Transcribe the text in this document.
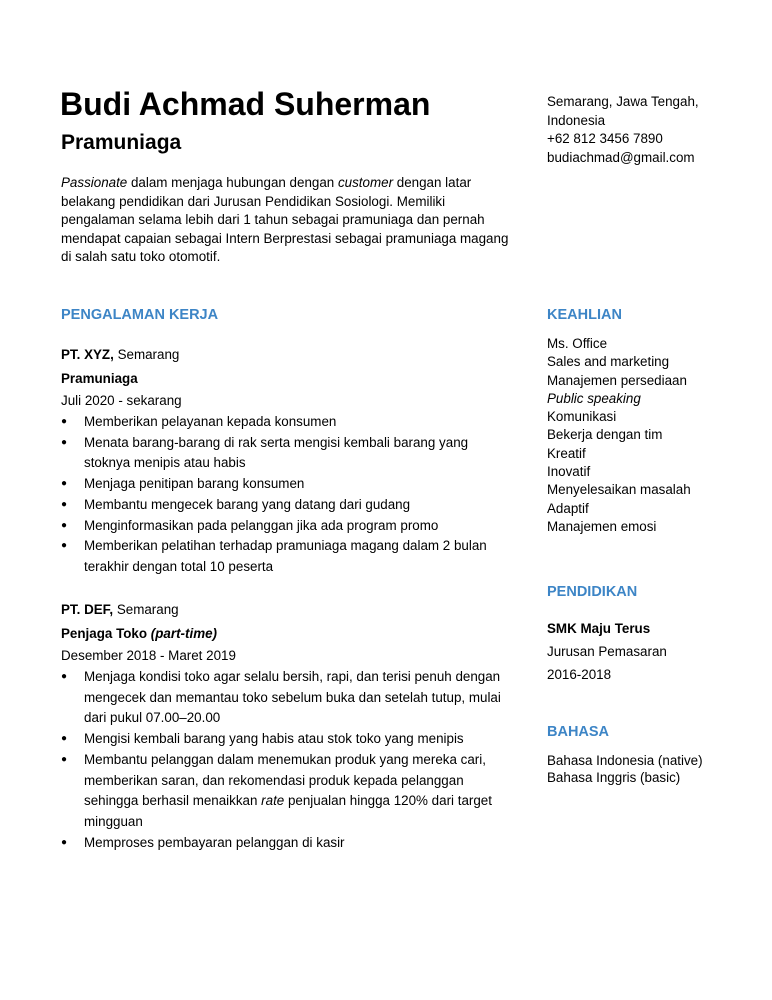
Budi Achmad Suherman
Pramuniaga
Passionate dalam menjaga hubungan dengan customer dengan latar belakang pendidikan dari Jurusan Pendidikan Sosiologi. Memiliki pengalaman selama lebih dari 1 tahun sebagai pramuniaga dan pernah mendapat capaian sebagai Intern Berprestasi sebagai pramuniaga magang di salah satu toko otomotif.
Semarang, Jawa Tengah,
Indonesia
+62 812 3456 7890
budiachmad@gmail.com
PENGALAMAN KERJA
PT. XYZ, Semarang
Pramuniaga
Juli 2020 - sekarang
● Memberikan pelayanan kepada konsumen
● Menata barang-barang di rak serta mengisi kembali barang yang stoknya menipis atau habis
● Menjaga penitipan barang konsumen
● Membantu mengecek barang yang datang dari gudang
● Menginformasikan pada pelanggan jika ada program promo
● Memberikan pelatihan terhadap pramuniaga magang dalam 2 bulan terakhir dengan total 10 peserta
PT. DEF, Semarang
Penjaga Toko (part-time)
Desember 2018 - Maret 2019
● Menjaga kondisi toko agar selalu bersih, rapi, dan terisi penuh dengan mengecek dan memantau toko sebelum buka dan setelah tutup, mulai dari pukul 07.00–20.00
● Mengisi kembali barang yang habis atau stok toko yang menipis
● Membantu pelanggan dalam menemukan produk yang mereka cari, memberikan saran, dan rekomendasi produk kepada pelanggan sehingga berhasil menaikkan rate penjualan hingga 120% dari target mingguan
● Memproses pembayaran pelanggan di kasir
KEAHLIAN
Ms. Office
Sales and marketing
Manajemen persediaan
Public speaking
Komunikasi
Bekerja dengan tim
Kreatif
Inovatif
Menyelesaikan masalah
Adaptif
Manajemen emosi
PENDIDIKAN
SMK Maju Terus
Jurusan Pemasaran
2016-2018
BAHASA
Bahasa Indonesia (native)
Bahasa Inggris (basic)
